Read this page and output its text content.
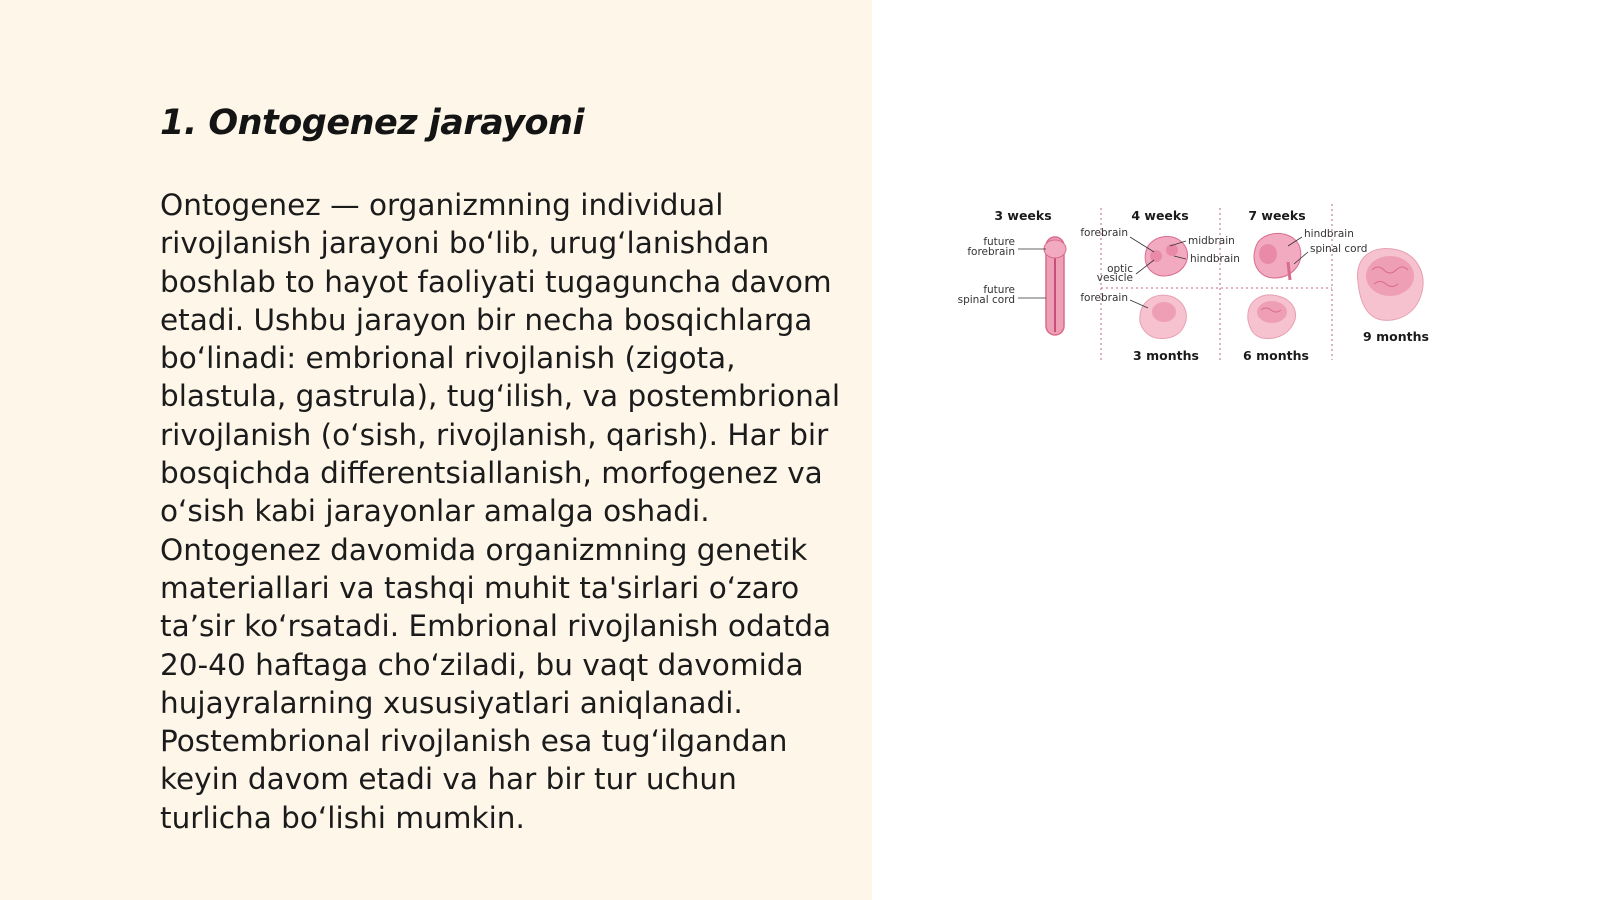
1. Ontogenez jarayoni

Ontogenez — organizmning individual rivojlanish jarayoni bo‘lib, urug‘lanishdan boshlab to hayot faoliyati tugaguncha davom etadi. Ushbu jarayon bir necha bosqichlarga bo‘linadi: embrional rivojlanish (zigota, blastula, gastrula), tug‘ilish, va postembrional rivojlanish (o‘sish, rivojlanish, qarish). Har bir bosqichda differentsiallanish, morfogenez va o‘sish kabi jarayonlar amalga oshadi. Ontogenez davomida organizmning genetik materiallari va tashqi muhit ta'sirlari o‘zaro ta’sir ko‘rsatadi. Embrional rivojlanish odatda 20-40 haftaga cho‘ziladi, bu vaqt davomida hujayralarning xususiyatlari aniqlanadi. Postembrional rivojlanish esa tug‘ilgandan keyin davom etadi va har bir tur uchun turlicha bo‘lishi mumkin.

3 weeks	4 weeks	7 weeks
3 months	6 months
9 months
future
forebrain
future
spinal cord
forebrain
midbrain
hindbrain
optic
vesicle
hindbrain
spinal cord
forebrain
